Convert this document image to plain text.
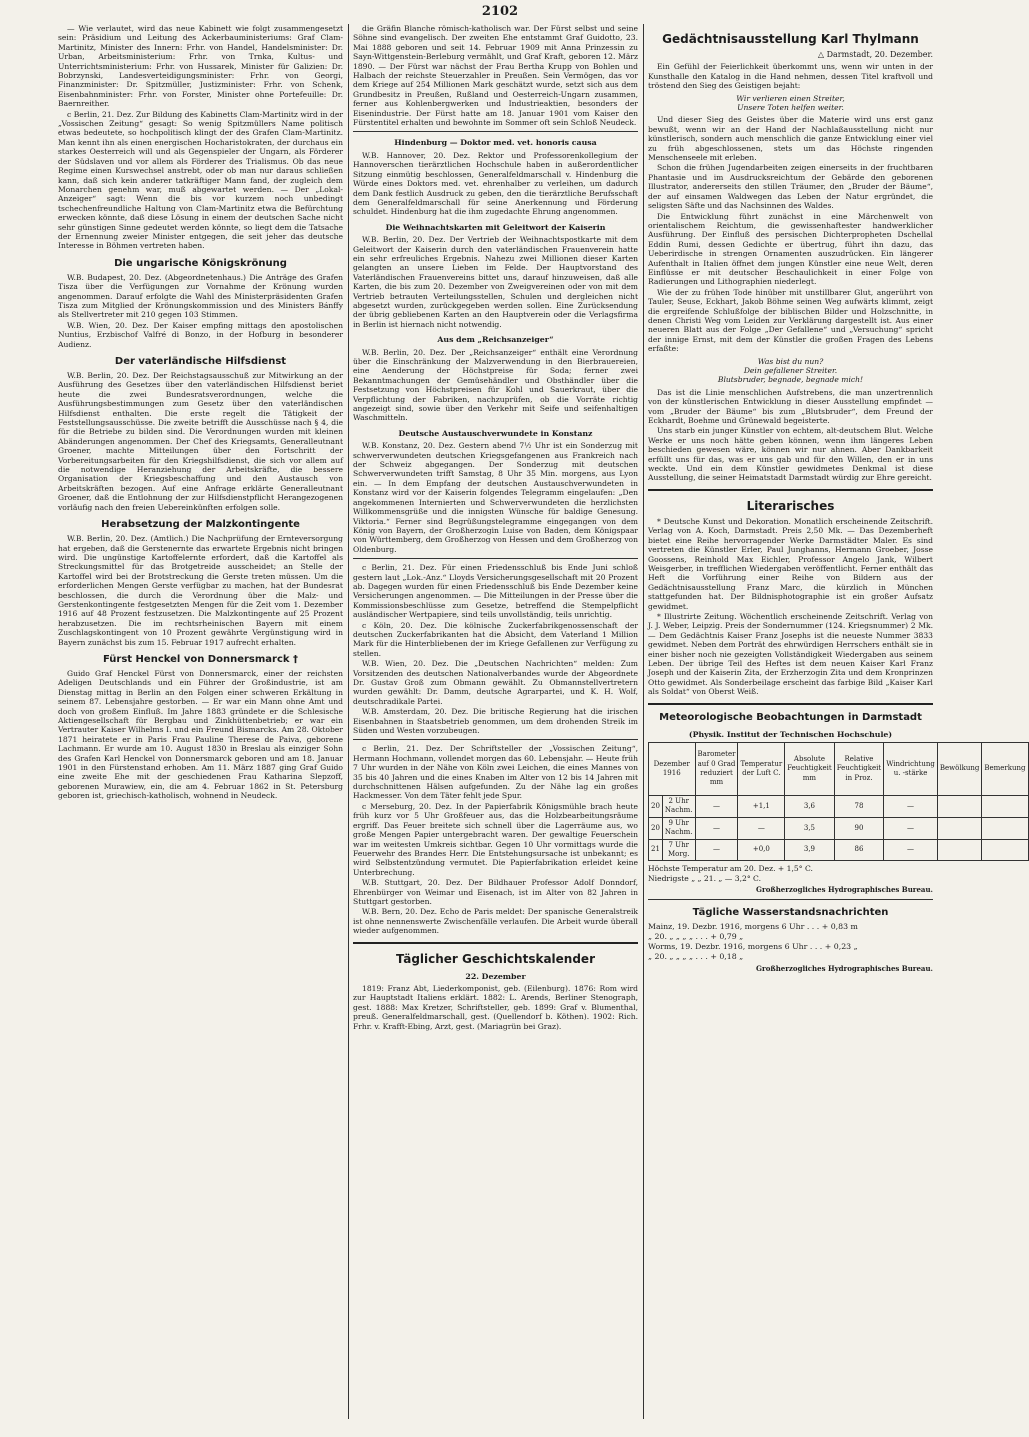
2102

— Wie verlautet, wird das neue Kabinett wie folgt zusammengesetzt sein: Präsidium und Leitung des Ackerbauministeriums: Graf Clam-Martinitz, Minister des Innern: Frhr. von Handel, Handelsminister: Dr. Urban, Arbeitsministerium: Frhr. von Trnka, Kultus- und Unterrichtsministerium: Frhr. von Hussarek, Minister für Galizien: Dr. Bobrzynski, Landesverteidigungsminister: Frhr. von Georgi, Finanzminister: Dr. Spitzmüller, Justizminister: Frhr. von Schenk, Eisenbahnminister: Frhr. von Forster, Minister ohne Portefeuille: Dr. Baernreither.

c Berlin, 21. Dez. Zur Bildung des Kabinetts Clam-Martinitz wird in der „Vossischen Zeitung“ gesagt: So wenig Spitzmüllers Name politisch etwas bedeutete, so hochpolitisch klingt der des Grafen Clam-Martinitz. Man kennt ihn als einen energischen Hocharistokraten, der durchaus ein starkes Oesterreich will und als Gegenspieler der Ungarn, als Förderer der Südslaven und vor allem als Förderer des Trialismus. Ob das neue Regime einen Kurswechsel anstrebt, oder ob man nur daraus schließen kann, daß sich kein anderer tatkräftiger Mann fand, der zugleich dem Monarchen genehm war, muß abgewartet werden. — Der „Lokal-Anzeiger“ sagt: Wenn die bis vor kurzem noch unbedingt tschechenfreundliche Haltung von Clam-Martinitz etwa die Befürchtung erwecken könnte, daß diese Lösung in einem der deutschen Sache nicht sehr günstigen Sinne gedeutet werden könnte, so liegt dem die Tatsache der Ernennung zweier Minister entgegen, die seit jeher das deutsche Interesse in Böhmen vertreten haben.

Die ungarische Königskrönung

W.B. Budapest, 20. Dez. (Abgeordnetenhaus.) Die Anträge des Grafen Tisza über die Verfügungen zur Vornahme der Krönung wurden angenommen. Darauf erfolgte die Wahl des Ministerpräsidenten Grafen Tisza zum Mitglied der Krönungskommission und des Ministers Bánffy als Stellvertreter mit 210 gegen 103 Stimmen.

W.B. Wien, 20. Dez. Der Kaiser empfing mittags den apostolischen Nuntius, Erzbischof Valfré di Bonzo, in der Hofburg in besonderer Audienz.

Der vaterländische Hilfsdienst

W.B. Berlin, 20. Dez. Der Reichstagsausschuß zur Mitwirkung an der Ausführung des Gesetzes über den vaterländischen Hilfsdienst beriet heute die zwei Bundesratsverordnungen, welche die Ausführungsbestimmungen zum Gesetz über den vaterländischen Hilfsdienst enthalten. Die erste regelt die Tätigkeit der Feststellungsausschüsse. Die zweite betrifft die Ausschüsse nach § 4, die für die Betriebe zu bilden sind. Die Verordnungen wurden mit kleinen Abänderungen angenommen. Der Chef des Kriegsamts, Generalleutnant Groener, machte Mitteilungen über den Fortschritt der Vorbereitungsarbeiten für den Kriegshilfsdienst, die sich vor allem auf die notwendige Heranziehung der Arbeitskräfte, die bessere Organisation der Kriegsbeschaffung und den Austausch von Arbeitskräften bezogen. Auf eine Anfrage erklärte Generalleutnant Groener, daß die Entlohnung der zur Hilfsdienstpflicht Herangezogenen vorläufig nach den freien Uebereinkünften erfolgen solle.

Herabsetzung der Malzkontingente

W.B. Berlin, 20. Dez. (Amtlich.) Die Nachprüfung der Ernteversorgung hat ergeben, daß die Gerstenernte das erwartete Ergebnis nicht bringen wird. Die ungünstige Kartoffelernte erfordert, daß die Kartoffel als Streckungsmittel für das Brotgetreide ausscheidet; an Stelle der Kartoffel wird bei der Brotstreckung die Gerste treten müssen. Um die erforderlichen Mengen Gerste verfügbar zu machen, hat der Bundesrat beschlossen, die durch die Verordnung über die Malz- und Gerstenkontingente festgesetzten Mengen für die Zeit vom 1. Dezember 1916 auf 48 Prozent festzusetzen. Die Malzkontingente auf 25 Prozent herabzusetzen. Die im rechtsrheinischen Bayern mit einem Zuschlagskontingent von 10 Prozent gewährte Vergünstigung wird in Bayern zunächst bis zum 15. Februar 1917 aufrecht erhalten.

Fürst Henckel von Donnersmarck †

Guido Graf Henckel Fürst von Donnersmarck, einer der reichsten Adeligen Deutschlands und ein Führer der Großindustrie, ist am Dienstag mittag in Berlin an den Folgen einer schweren Erkältung in seinem 87. Lebensjahre gestorben. — Er war ein Mann ohne Amt und doch von großem Einfluß. Im Jahre 1883 gründete er die Schlesische Aktiengesellschaft für Bergbau und Zinkhüttenbetrieb; er war ein Vertrauter Kaiser Wilhelms I. und ein Freund Bismarcks. Am 28. Oktober 1871 heiratete er in Paris Frau Pauline Therese de Paiva, geborene Lachmann. Er wurde am 10. August 1830 in Breslau als einziger Sohn des Grafen Karl Henckel von Donnersmarck geboren und am 18. Januar 1901 in den Fürstenstand erhoben. Am 11. März 1887 ging Graf Guido eine zweite Ehe mit der geschiedenen Frau Katharina Slepzoff, geborenen Murawiew, ein, die am 4. Februar 1862 in St. Petersburg geboren ist, griechisch-katholisch, wohnend in Neudeck.

die Gräfin Blanche römisch-katholisch war. Der Fürst selbst und seine Söhne sind evangelisch. Der zweiten Ehe entstammt Graf Guidotto, 23. Mai 1888 geboren und seit 14. Februar 1909 mit Anna Prinzessin zu Sayn-Wittgenstein-Berleburg vermählt, und Graf Kraft, geboren 12. März 1890. — Der Fürst war nächst der Frau Bertha Krupp von Bohlen und Halbach der reichste Steuerzahler in Preußen. Sein Vermögen, das vor dem Kriege auf 254 Millionen Mark geschätzt wurde, setzt sich aus dem Grundbesitz in Preußen, Rußland und Oesterreich-Ungarn zusammen, ferner aus Kohlenbergwerken und Industrieaktien, besonders der Eisenindustrie. Der Fürst hatte am 18. Januar 1901 vom Kaiser den Fürstentitel erhalten und bewohnte im Sommer oft sein Schloß Neudeck.

Hindenburg — Doktor med. vet. honoris causa

W.B. Hannover, 20. Dez. Rektor und Professorenkollegium der Hannoverschen tierärztlichen Hochschule haben in außerordentlicher Sitzung einmütig beschlossen, Generalfeldmarschall v. Hindenburg die Würde eines Doktors med. vet. ehrenhalber zu verleihen, um dadurch dem Dank festlich Ausdruck zu geben, den die tierärztliche Berufsschaft dem Generalfeldmarschall für seine Anerkennung und Förderung schuldet. Hindenburg hat die ihm zugedachte Ehrung angenommen.

Die Weihnachtskarten mit Geleitwort der Kaiserin

W.B. Berlin, 20. Dez. Der Vertrieb der Weihnachtspostkarte mit dem Geleitwort der Kaiserin durch den vaterländischen Frauenverein hatte ein sehr erfreuliches Ergebnis. Nahezu zwei Millionen dieser Karten gelangten an unsere Lieben im Felde. Der Hauptvorstand des Vaterländischen Frauenvereins bittet uns, darauf hinzuweisen, daß alle Karten, die bis zum 20. Dezember von Zweigvereinen oder von mit dem Vertrieb betrauten Verteilungsstellen, Schulen und dergleichen nicht abgesetzt wurden, zurückgegeben werden sollen. Eine Zurücksendung der übrig gebliebenen Karten an den Hauptverein oder die Verlagsfirma in Berlin ist hiernach nicht notwendig.

Aus dem „Reichsanzeiger“

W.B. Berlin, 20. Dez. Der „Reichsanzeiger“ enthält eine Verordnung über die Einschränkung der Malzverwendung in den Bierbrauereien, eine Aenderung der Höchstpreise für Soda; ferner zwei Bekanntmachungen der Gemüsehändler und Obsthändler über die Festsetzung von Höchstpreisen für Kohl und Sauerkraut, über die Verpflichtung der Fabriken, nachzuprüfen, ob die Vorräte richtig angezeigt sind, sowie über den Verkehr mit Seife und seifenhaltigen Waschmitteln.

Deutsche Austauschverwundete in Konstanz

W.B. Konstanz, 20. Dez. Gestern abend 7½ Uhr ist ein Sonderzug mit schwerverwundeten deutschen Kriegsgefangenen aus Frankreich nach der Schweiz abgegangen. Der Sonderzug mit deutschen Schwerverwundeten trifft Samstag, 8 Uhr 35 Min. morgens, aus Lyon ein. — In dem Empfang der deutschen Austauschverwundeten in Konstanz wird vor der Kaiserin folgendes Telegramm eingelaufen: „Den angekommenen Internierten und Schwerverwundeten die herzlichsten Willkommensgrüße und die innigsten Wünsche für baldige Genesung. Viktoria.“ Ferner sind Begrüßungstelegramme eingegangen von dem König von Bayern, der Großherzogin Luise von Baden, dem Königspaar von Württemberg, dem Großherzog von Hessen und dem Großherzog von Oldenburg.

c Berlin, 21. Dez. Für einen Friedensschluß bis Ende Juni schloß gestern laut „Lok.-Anz.“ Lloyds Versicherungsgesellschaft mit 20 Prozent ab. Dagegen wurden für einen Friedensschluß bis Ende Dezember keine Versicherungen angenommen. — Die Mitteilungen in der Presse über die Kommissionsbeschlüsse zum Gesetze, betreffend die Stempelpflicht ausländischer Wertpapiere, sind teils unvollständig, teils unrichtig.

c Köln, 20. Dez. Die kölnische Zuckerfabrikgenossenschaft der deutschen Zuckerfabrikanten hat die Absicht, dem Vaterland 1 Million Mark für die Hinterbliebenen der im Kriege Gefallenen zur Verfügung zu stellen.

W.B. Wien, 20. Dez. Die „Deutschen Nachrichten“ melden: Zum Vorsitzenden des deutschen Nationalverbandes wurde der Abgeordnete Dr. Gustav Groß zum Obmann gewählt. Zu Obmannstellvertretern wurden gewählt: Dr. Damm, deutsche Agrarpartei, und K. H. Wolf, deutschradikale Partei.

W.B. Amsterdam, 20. Dez. Die britische Regierung hat die irischen Eisenbahnen in Staatsbetrieb genommen, um dem drohenden Streik im Süden und Westen vorzubeugen.

c Berlin, 21. Dez. Der Schriftsteller der „Vossischen Zeitung“, Hermann Hochmann, vollendet morgen das 60. Lebensjahr. — Heute früh 7 Uhr wurden in der Nähe von Köln zwei Leichen, die eines Mannes von 35 bis 40 Jahren und die eines Knaben im Alter von 12 bis 14 Jahren mit durchschnittenen Hälsen aufgefunden. Zu der Nähe lag ein großes Hackmesser. Von dem Täter fehlt jede Spur.

c Merseburg, 20. Dez. In der Papierfabrik Königsmühle brach heute früh kurz vor 5 Uhr Großfeuer aus, das die Holzbearbeitungsräume ergriff. Das Feuer breitete sich schnell über die Lagerräume aus, wo große Mengen Papier untergebracht waren. Der gewaltige Feuerschein war im weitesten Umkreis sichtbar. Gegen 10 Uhr vormittags wurde die Feuerwehr des Brandes Herr. Die Entstehungsursache ist unbekannt; es wird Selbstentzündung vermutet. Die Papierfabrikation erleidet keine Unterbrechung.

W.B. Stuttgart, 20. Dez. Der Bildhauer Professor Adolf Donndorf, Ehrenbürger von Weimar und Eisenach, ist im Alter von 82 Jahren in Stuttgart gestorben.

W.B. Bern, 20. Dez. Echo de Paris meldet: Der spanische Generalstreik ist ohne nennenswerte Zwischenfälle verlaufen. Die Arbeit wurde überall wieder aufgenommen.

Täglicher Geschichtskalender
22. Dezember

1819: Franz Abt, Liederkomponist, geb. (Eilenburg). 1876: Rom wird zur Hauptstadt Italiens erklärt. 1882: L. Arends, Berliner Stenograph, gest. 1888: Max Kretzer, Schriftsteller, geb. 1899: Graf v. Blumenthal, preuß. Generalfeldmarschall, gest. (Quellendorf b. Köthen). 1902: Rich. Frhr. v. Krafft-Ebing, Arzt, gest. (Mariagrün bei Graz).

Gedächtnisausstellung Karl Thylmann
△ Darmstadt, 20. Dezember.

Ein Gefühl der Feierlichkeit überkommt uns, wenn wir unten in der Kunsthalle den Katalog in die Hand nehmen, dessen Titel kraftvoll und tröstend den Sieg des Geistigen bejaht:

Wir verlieren einen Streiter,
Unsere Toten helfen weiter.

Und dieser Sieg des Geistes über die Materie wird uns erst ganz bewußt, wenn wir an der Hand der Nachlaßausstellung nicht nur künstlerisch, sondern auch menschlich die ganze Entwicklung einer viel zu früh abgeschlossenen, stets um das Höchste ringenden Menschenseele mit erleben.

Schon die frühen Jugendarbeiten zeigen einerseits in der fruchtbaren Phantasie und im Ausdrucksreichtum der Gebärde den geborenen Illustrator, andererseits den stillen Träumer, den „Bruder der Bäume“, der auf einsamen Waldwegen das Leben der Natur ergründet, die seligsten Säfte und das Nachsinnen des Waldes.

Die Entwicklung führt zunächst in eine Märchenwelt von orientalischem Reichtum, die gewissenhaftester handwerklicher Ausführung. Der Einfluß des persischen Dichterpropheten Dschellal Eddin Rumi, dessen Gedichte er übertrug, führt ihn dazu, das Ueberirdische in strengen Ornamenten auszudrücken. Ein längerer Aufenthalt in Italien öffnet dem jungen Künstler eine neue Welt, deren Einflüsse er mit deutscher Beschaulichkeit in einer Folge von Radierungen und Lithographien niederlegt.

Wie der zu frühen Tode hinüber mit unstillbarer Glut, angerührt von Tauler, Seuse, Eckhart, Jakob Böhme seinen Weg aufwärts klimmt, zeigt die ergreifende Schlußfolge der biblischen Bilder und Holzschnitte, in denen Christi Weg vom Leiden zur Verklärung dargestellt ist. Aus einer neueren Blatt aus der Folge „Der Gefallene“ und „Versuchung“ spricht der innige Ernst, mit dem der Künstler die großen Fragen des Lebens erfaßte:

Was bist du nun?
Dein gefallener Streiter.
Blutsbruder, begnade, begnade mich!

Das ist die Linie menschlichen Aufstrebens, die man unzertrennlich von der künstlerischen Entwicklung in dieser Ausstellung empfindet — vom „Bruder der Bäume“ bis zum „Blutsbruder“, dem Freund der Eckhardt, Boehme und Grünewald begeisterte.

Uns starb ein junger Künstler von echtem, alt-deutschem Blut. Welche Werke er uns noch hätte geben können, wenn ihm längeres Leben beschieden gewesen wäre, können wir nur ahnen. Aber Dankbarkeit erfüllt uns für das, was er uns gab und für den Willen, den er in uns weckte. Und ein dem Künstler gewidmetes Denkmal ist diese Ausstellung, die seiner Heimatstadt Darmstadt würdig zur Ehre gereicht.

Literarisches

* Deutsche Kunst und Dekoration. Monatlich erscheinende Zeitschrift. Verlag von A. Koch, Darmstadt. Preis 2,50 Mk. — Das Dezemberheft bietet eine Reihe hervorragender Werke Darmstädter Maler. Es sind vertreten die Künstler Erler, Paul Junghanns, Hermann Groeber, Josse Goossens, Reinhold Max Eichler, Professor Angelo Jank, Wilbert Weisgerber, in trefflichen Wiedergaben veröffentlicht. Ferner enthält das Heft die Vorführung einer Reihe von Bildern aus der Gedächtnisausstellung Franz Marc, die kürzlich in München stattgefunden hat. Der Bildnisphotographie ist ein großer Aufsatz gewidmet.

* Illustrirte Zeitung. Wöchentlich erscheinende Zeitschrift. Verlag von J. J. Weber, Leipzig. Preis der Sondernummer (124. Kriegsnummer) 2 Mk. — Dem Gedächtnis Kaiser Franz Josephs ist die neueste Nummer 3833 gewidmet. Neben dem Porträt des ehrwürdigen Herrschers enthält sie in einer bisher noch nie gezeigten Vollständigkeit Wiedergaben aus seinem Leben. Der übrige Teil des Heftes ist dem neuen Kaiser Karl Franz Joseph und der Kaiserin Zita, der Erzherzogin Zita und dem Kronprinzen Otto gewidmet. Als Sonderbeilage erscheint das farbige Bild „Kaiser Karl als Soldat“ von Oberst Weiß.

Meteorologische Beobachtungen in Darmstadt
(Physik. Institut der Technischen Hochschule)
Dezember 1916		Barometer auf 0 Grad reduziert mm	Temperatur der Luft C.	Absolute Feuchtigkeit mm	Relative Feuchtigkeit in Proz.	Windrichtung u. -stärke	Bewölkung	Bemerkung
20	2 Uhr Nachm.	—	+1,1	3,6	78	—		
20	9 Uhr Nachm.	—	—	3,5	90	—		
21	7 Uhr Morg.	—	+0,0	3,9	86	—		
Höchste Temperatur am 20. Dez. + 1,5° C.
Niedrigste „ „ 21. „ — 3,2° C.
Großherzogliches Hydrographisches Bureau.
Tägliche Wasserstandsnachrichten
Mainz, 19. Dezbr. 1916, morgens 6 Uhr . . . + 0,83 m
„ 20. „ „ „ „ . . . + 0,79 „
Worms, 19. Dezbr. 1916, morgens 6 Uhr . . . + 0,23 „
„ 20. „ „ „ „ . . . + 0,18 „
Großherzogliches Hydrographisches Bureau.
